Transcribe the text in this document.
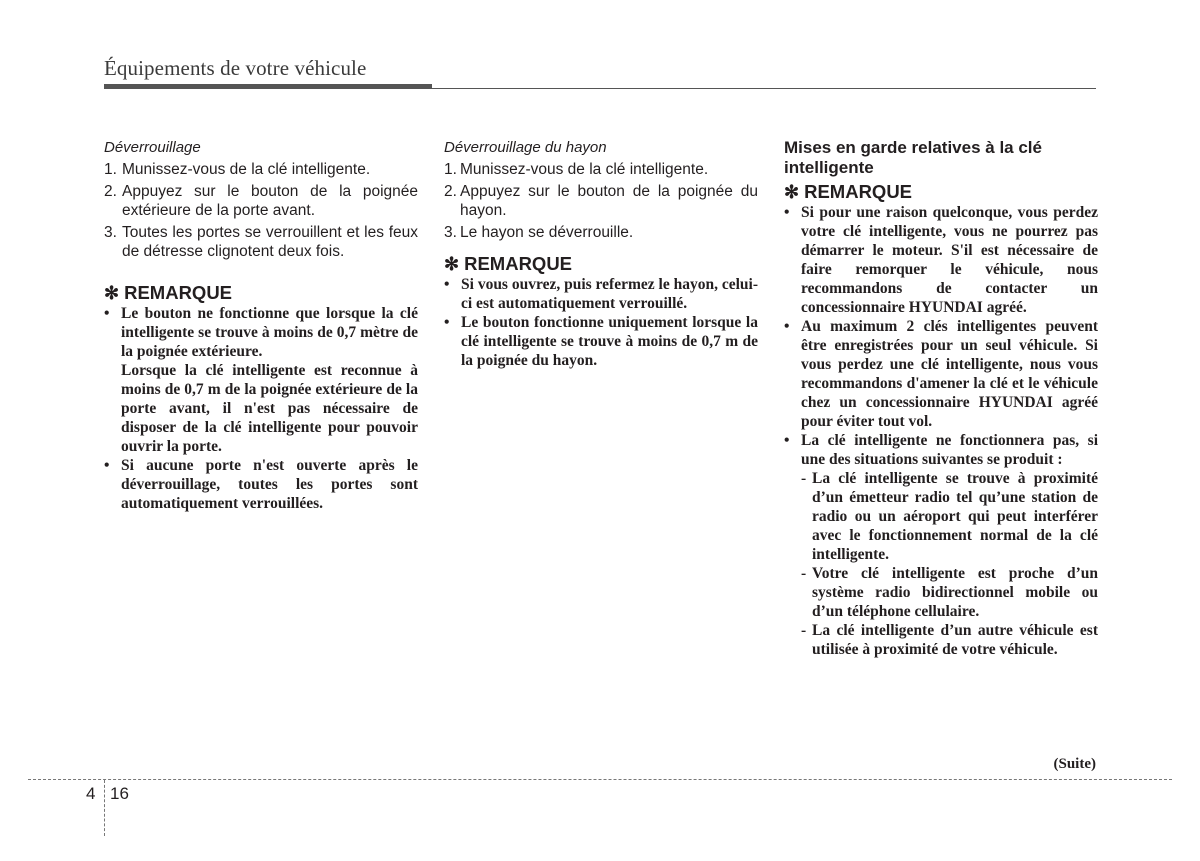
Équipements de votre véhicule

Déverrouillage

1. Munissez-vous de la clé intelligente.
2. Appuyez sur le bouton de la poignée extérieure de la porte avant.
3. Toutes les portes se verrouillent et les feux de détresse clignotent deux fois.
✻ REMARQUE
• Le bouton ne fonctionne que lorsque la clé intelligente se trouve à moins de 0,7 mètre de la poignée extérieure.

Lorsque la clé intelligente est reconnue à moins de 0,7 m de la poignée extérieure de la porte avant, il n'est pas nécessaire de disposer de la clé intelligente pour pouvoir ouvrir la porte.

• Si aucune porte n'est ouverte après le déverrouillage, toutes les portes sont automatiquement verrouillées.

Déverrouillage du hayon

1. Munissez-vous de la clé intelligente.
2. Appuyez sur le bouton de la poignée du hayon.
3. Le hayon se déverrouille.
✻ REMARQUE
• Si vous ouvrez, puis refermez le hayon, celui-ci est automatiquement verrouillé.
• Le bouton fonctionne uniquement lorsque la clé intelligente se trouve à moins de 0,7 m de la poignée du hayon.
Mises en garde relatives à la clé intelligente
✻ REMARQUE
• Si pour une raison quelconque, vous perdez votre clé intelligente, vous ne pourrez pas démarrer le moteur. S'il est nécessaire de faire remorquer le véhicule, nous recommandons de contacter un concessionnaire HYUNDAI agréé.
• Au maximum 2 clés intelligentes peuvent être enregistrées pour un seul véhicule. Si vous perdez une clé intelligente, nous vous recommandons d'amener la clé et le véhicule chez un concessionnaire HYUNDAI agréé pour éviter tout vol.
• La clé intelligente ne fonctionnera pas, si une des situations suivantes se produit :

- La clé intelligente se trouve à proximité d’un émetteur radio tel qu’une station de radio ou un aéroport qui peut interférer avec le fonctionnement normal de la clé intelligente.
- Votre clé intelligente est proche d’un système radio bidirectionnel mobile ou d’un téléphone cellulaire.
- La clé intelligente d’un autre véhicule est utilisée à proximité de votre véhicule.
(Suite)
4 16
